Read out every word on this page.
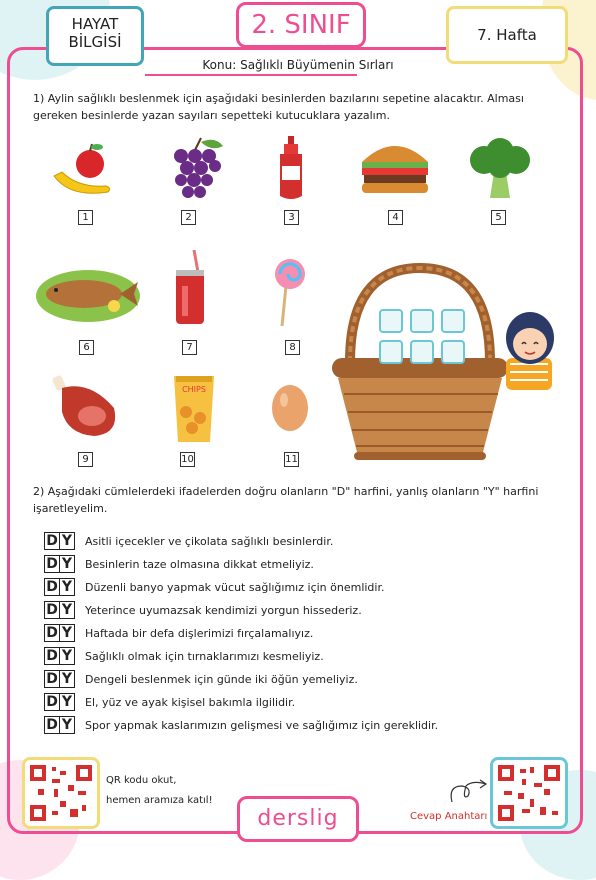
HAYAT
BİLGİSİ
2. SINIF	7. Hafta
Konu: Sağlıklı Büyümenin Sırları
1) Aylin sağlıklı beslenmek için aşağıdaki besinlerden bazılarını sepetine alacaktır. Alması gereken besinlerde yazan sayıları sepetteki kutucuklara yazalım.
1	2	3	4	5
6	7	8
9
CHIPS
10	11
2) Aşağıdaki cümlelerdeki ifadelerden doğru olanların "D" harfini, yanlış olanların "Y" harfini işaretleyelim.
D Y Asitli içecekler ve çikolata sağlıklı besinlerdir.
D Y Besinlerin taze olmasına dikkat etmeliyiz.
D Y Düzenli banyo yapmak vücut sağlığımız için önemlidir.
D Y Yeterince uyumazsak kendimizi yorgun hissederiz.
D Y Haftada bir defa dişlerimizi fırçalamalıyız.
D Y Sağlıklı olmak için tırnaklarımızı kesmeliyiz.
D Y Dengeli beslenmek için günde iki öğün yemeliyiz.
D Y El, yüz ve ayak kişisel bakımla ilgilidir.
D Y Spor yapmak kaslarımızın gelişmesi ve sağlığımız için gereklidir.
QR kodu okut,
hemen aramıza katıl!
derslig	Cevap Anahtarı
